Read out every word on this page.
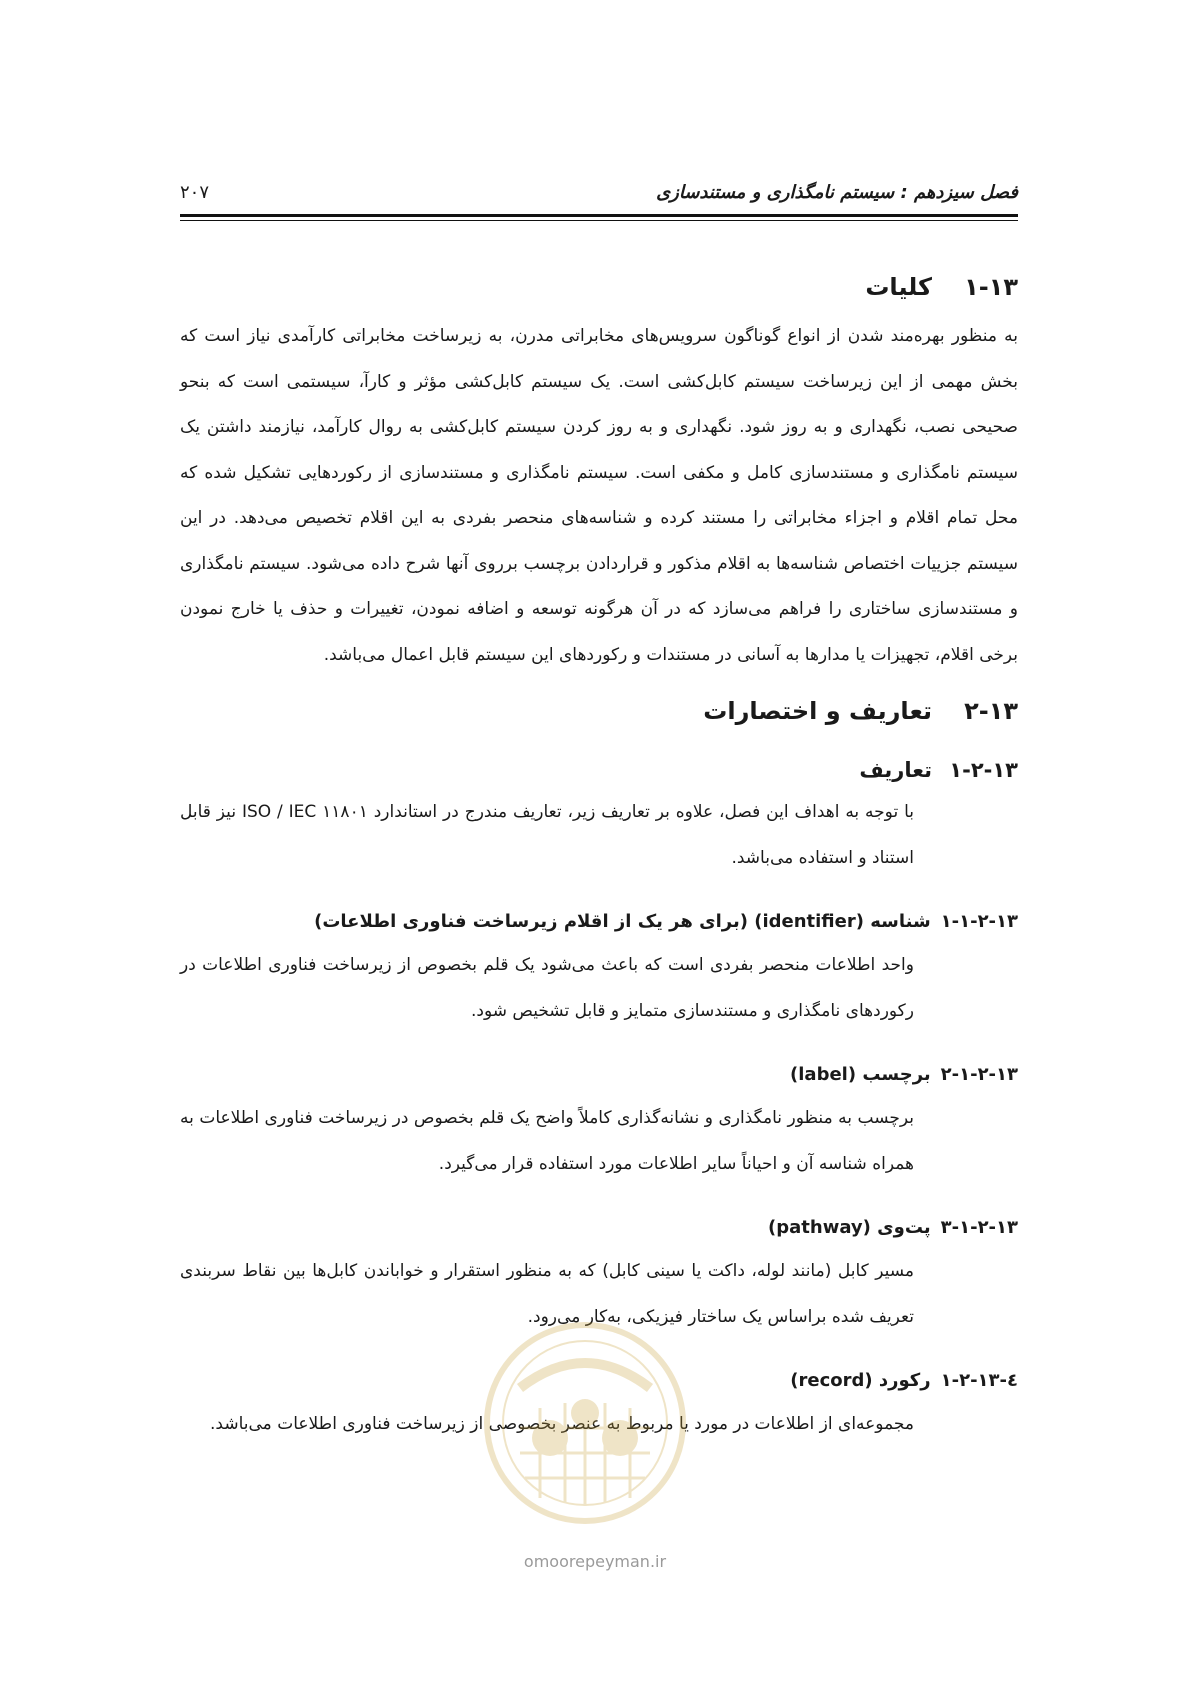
فصل سیزدهم : سیستم نامگذاری و مستندسازی
۲۰۷
۱-۱۳
کلیات

به منظور بهره‌مند شدن از انواع گوناگون سرویس‌های مخابراتی مدرن، به زیرساخت مخابراتی کارآمدی نیاز است که بخش مهمی از این زیرساخت سیستم کابل‌کشی است. یک سیستم کابل‌کشی مؤثر و کارآ، سیستمی است که بنحو صحیحی نصب، نگهداری و به روز شود. نگهداری و به روز کردن سیستم کابل‌کشی به روال کارآمد، نیازمند داشتن یک سیستم نامگذاری و مستندسازی کامل و مکفی است. سیستم نامگذاری و مستندسازی از رکوردهایی تشکیل شده که محل تمام اقلام و اجزاء مخابراتی را مستند کرده و شناسه‌های منحصر بفردی به این اقلام تخصیص می‌دهد. در این سیستم جزییات اختصاص شناسه‌ها به اقلام مذکور و قراردادن برچسب برروی آنها شرح داده می‌شود. سیستم نامگذاری و مستندسازی ساختاری را فراهم می‌سازد که در آن هرگونه توسعه و اضافه نمودن، تغییرات و حذف یا خارج نمودن برخی اقلام، تجهیزات یا مدارها به آسانی در مستندات و رکوردهای این سیستم قابل اعمال می‌باشد.

۲-۱۳
تعاریف و اختصارات
۱-۲-۱۳
تعاریف

با توجه به اهداف این فصل، علاوه بر تعاریف زیر، تعاریف مندرج در استاندارد ISO / IEC ۱۱۸۰۱ نیز قابل استناد و استفاده می‌باشد.

۱-۱-۲-۱۳
شناسه (identifier) (برای هر یک از اقلام زیرساخت فناوری اطلاعات)

واحد اطلاعات منحصر بفردی است که باعث می‌شود یک قلم بخصوص از زیرساخت فناوری اطلاعات در رکوردهای نامگذاری و مستندسازی متمایز و قابل تشخیص شود.

۲-۱-۲-۱۳
برچسب (label)

برچسب به منظور نامگذاری و نشانه‌گذاری کاملاً واضح یک قلم بخصوص در زیرساخت فناوری اطلاعات به همراه شناسه آن و احیاناً سایر اطلاعات مورد استفاده قرار می‌گیرد.

۳-۱-۲-۱۳
پت‌وی (pathway)

مسیر کابل (مانند لوله، داکت یا سینی کابل) که به منظور استقرار و خواباندن کابل‌ها بین نقاط سربندی تعریف شده براساس یک ساختار فیزیکی، به‌کار می‌رود.

٤-۱-۲-۱۳
رکورد (record)

مجموعه‌ای از اطلاعات در مورد یا مربوط به عنصر بخصوصی از زیرساخت فناوری اطلاعات می‌باشد.

omoorepeyman.ir
